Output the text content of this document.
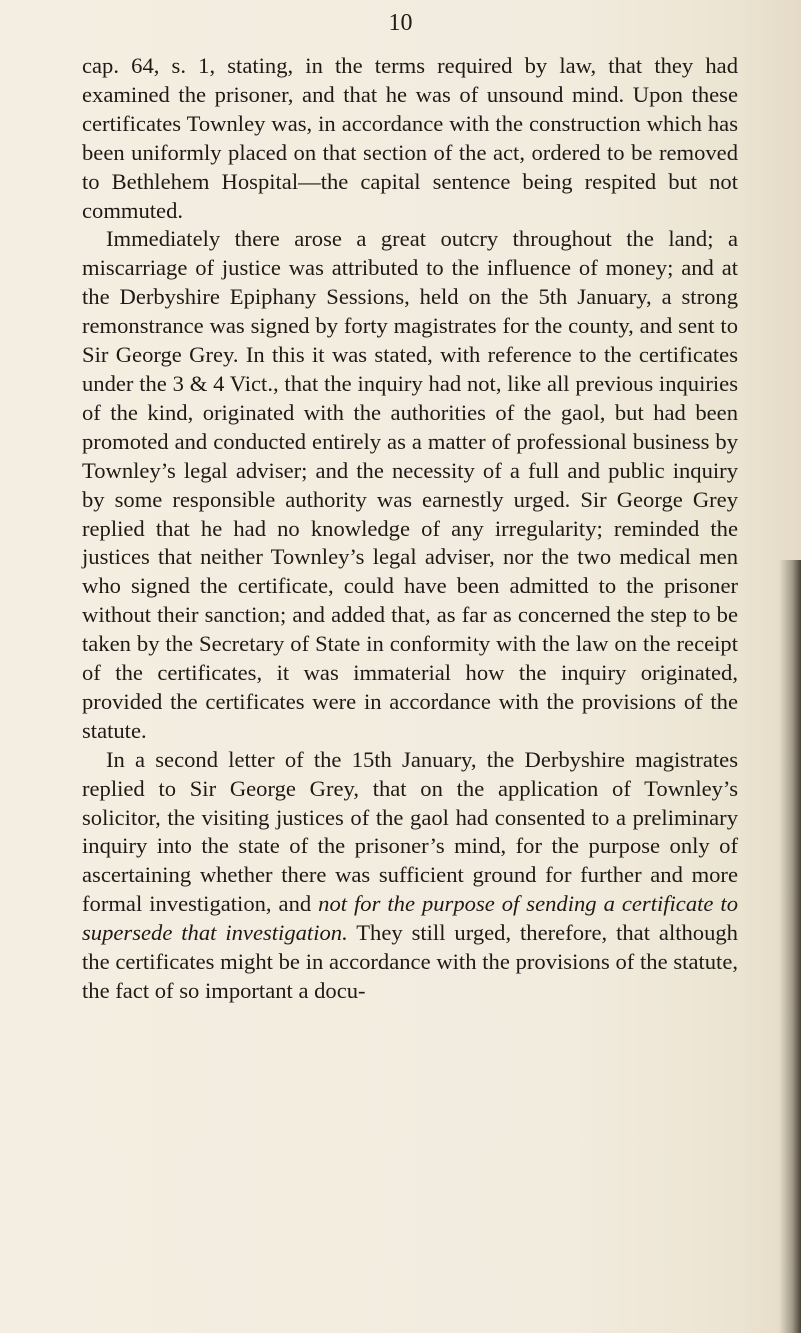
10

cap. 64, s. 1, stating, in the terms required by law, that they had examined the prisoner, and that he was of unsound mind. Upon these certificates Townley was, in accordance with the construction which has been uniformly placed on that section of the act, ordered to be removed to Bethlehem Hospital—the capital sentence being respited but not commuted.

Immediately there arose a great outcry throughout the land; a miscarriage of justice was attributed to the influence of money; and at the Derbyshire Epiphany Sessions, held on the 5th January, a strong remonstrance was signed by forty magistrates for the county, and sent to Sir George Grey. In this it was stated, with reference to the certificates under the 3 & 4 Vict., that the inquiry had not, like all previous inquiries of the kind, originated with the authorities of the gaol, but had been promoted and conducted entirely as a matter of professional business by Townley’s legal adviser; and the necessity of a full and public inquiry by some responsible authority was earnestly urged. Sir George Grey replied that he had no knowledge of any irregularity; reminded the justices that neither Townley’s legal adviser, nor the two medical men who signed the certificate, could have been admitted to the prisoner without their sanction; and added that, as far as concerned the step to be taken by the Secretary of State in conformity with the law on the receipt of the certificates, it was immaterial how the inquiry originated, provided the certificates were in accordance with the provisions of the statute.

In a second letter of the 15th January, the Derbyshire magistrates replied to Sir George Grey, that on the application of Townley’s solicitor, the visiting justices of the gaol had consented to a preliminary inquiry into the state of the prisoner’s mind, for the purpose only of ascertaining whether there was sufficient ground for further and more formal investigation, and not for the purpose of sending a certificate to supersede that investigation. They still urged, therefore, that although the certificates might be in accordance with the provisions of the statute, the fact of so important a docu-
